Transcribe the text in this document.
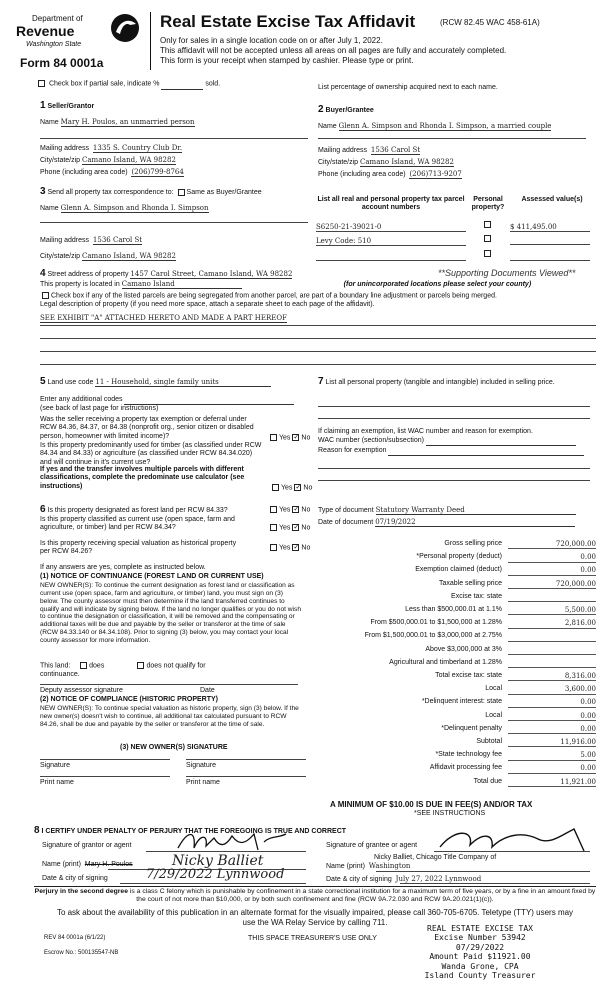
Department of
Revenue
Washington State
Form 84 0001a
Real Estate Excise Tax Affidavit	(RCW 82.45 WAC 458-61A)
Only for sales in a single location code on or after July 1, 2022.
This affidavit will not be accepted unless all areas on all pages are fully and accurately completed.
This form is your receipt when stamped by cashier. Please type or print.
Check box if partial sale, indicate %	sold.
List percentage of ownership acquired next to each name.
1 Seller/Grantor
Name Mary H. Poulos, an unmarried person
Mailing address 1335 S. Country Club Dr.
City/state/zip Camano Island, WA 98282
Phone (including area code) (206)799-8764
2 Buyer/Grantee
Name Glenn A. Simpson and Rhonda I. Simpson, a married couple
Mailing address 1536 Carol St
City/state/zip Camano Island, WA 98282
Phone (including area code) (206)713-9207
3 Send all property tax correspondence to: Same as Buyer/Grantee
Name Glenn A. Simpson and Rhonda I. Simpson
Mailing address 1536 Carol St
City/state/zip Camano Island, WA 98282
List all real and personal property tax parcel account numbers
Personal property?
Assessed value(s)
S6250-21-39021-0	$ 411,495.00
Levy Code: 510
4 Street address of property 1457 Carol Street, Camano Island, WA 98282	**Supporting Documents Viewed**
This property is located in Camano Island	(for unincorporated locations please select your county)
Check box if any of the listed parcels are being segregated from another parcel, are part of a boundary line adjustment or parcels being merged.
Legal description of property (if you need more space, attach a separate sheet to each page of the affidavit).
SEE EXHIBIT "A" ATTACHED HERETO AND MADE A PART HEREOF
5 Land use code 11 - Household, single family units
Enter any additional codes
(see back of last page for instructions)
Was the seller receiving a property tax exemption or deferral under RCW 84.36, 84.37, or 84.38 (nonprofit org., senior citizen or disabled person, homeowner with limited income)?	Yes✓ No
Is this property predominantly used for timber (as classified under RCW 84.34 and 84.33) or agriculture (as classified under RCW 84.34.020) and will continue in it's current use?
If yes and the transfer involves multiple parcels with different classifications, complete the predominate use calculator (see instructions)	Yes✓ No
7 List all personal property (tangible and intangible) included in selling price.
If claiming an exemption, list WAC number and reason for exemption.
WAC number (section/subsection)
Reason for exemption
Type of document Statutory Warranty Deed
Date of document 07/19/2022
6 Is this property designated as forest land per RCW 84.33?	Yes✓ No
Is this property classified as current use (open space, farm and agriculture, or timber) land per RCW 84.34?	Yes✓ No
Is this property receiving special valuation as historical property per RCW 84.26?
Yes✓ No
If any answers are yes, complete as instructed below.
(1) NOTICE OF CONTINUANCE (FOREST LAND OR CURRENT USE)
NEW OWNER(S): To continue the current designation as forest land or classification as current use (open space, farm and agriculture, or timber) land, you must sign on (3) below. The county assessor must then determine if the land transferred continues to qualify and will indicate by signing below. If the land no longer qualifies or you do not wish to continue the designation or classification, it will be removed and the compensating or additional taxes will be due and payable by the seller or transferor at the time of sale (RCW 84.33.140 or 84.34.108). Prior to signing (3) below, you may contact your local county assessor for more information.
This land:	does	does not qualify for
continuance.
Deputy assessor signature	Date
(2) NOTICE OF COMPLIANCE (HISTORIC PROPERTY)
NEW OWNER(S): To continue special valuation as historic property, sign (3) below. If the new owner(s) doesn't wish to continue, all additional tax calculated pursuant to RCW 84.26, shall be due and payable by the seller or transferor at the time of sale.
(3) NEW OWNER(S) SIGNATURE
Signature	Signature
Print name	Print name
A MINIMUM OF $10.00 IS DUE IN FEE(S) AND/OR TAX
*SEE INSTRUCTIONS
8 I CERTIFY UNDER PENALTY OF PERJURY THAT THE FOREGOING IS TRUE AND CORRECT
Signature of grantor or agent	Signature of grantee or agent
Name (print) Mary H. Poulos	Nicky Balliet	Nicky Balliet, Chicago Title Company of
Name (print) Washington
Date & city of signing	7/29/2022 Lynnwood	Date & city of signing July 27, 2022 Lynnwood
Perjury in the second degree is a class C felony which is punishable by confinement in a state correctional institution for a maximum term of five years, or by a fine in an amount fixed by the court of not more than $10,000, or by both such confinement and fine (RCW 9A.72.030 and RCW 9A.20.021(1)(c)).
To ask about the availability of this publication in an alternate format for the visually impaired, please call 360-705-6705. Teletype (TTY) users may use the WA Relay Service by calling 711.
REV 84 0001a (6/1/22)	THIS SPACE TREASURER'S USE ONLY
Escrow No.: 500135547-NB
REAL ESTATE EXCISE TAX
Excise Number 53942
07/29/2022
Amount Paid $11921.00
Wanda Grone, CPA
Island County Treasurer
Gross selling price	720,000.00
*Personal property (deduct)	0.00
Exemption claimed (deduct)	0.00
Taxable selling price	720,000.00
Excise tax: state

Less than $500,000.01 at 1.1%	5,500.00
From $500,000.01 to $1,500,000 at 1.28%	2,816.00
From $1,500,000.01 to $3,000,000 at 2.75%

Above $3,000,000 at 3%

Agricultural and timberland at 1.28%

Total excise tax: state	8,316.00
Local	3,600.00
*Delinquent interest: state	0.00
Local	0.00
*Delinquent penalty	0.00
Subtotal	11,916.00
*State technology fee	5.00
Affidavit processing fee	0.00
Total due	11,921.00
